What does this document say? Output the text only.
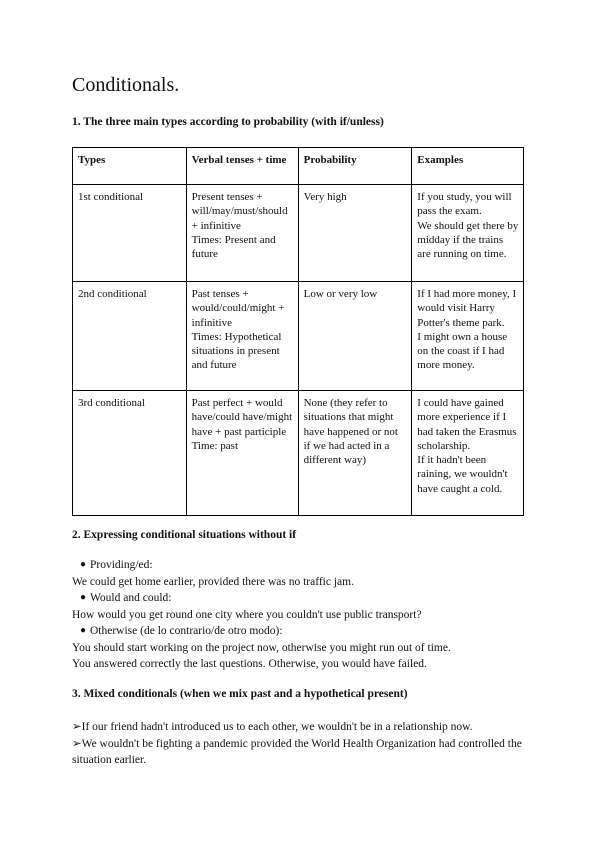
Conditionals.
1. The three main types according to probability (with if/unless)
Types	Verbal tenses + time	Probability	Examples
1st conditional	Present tenses + will/may/must/should + infinitive
Times: Present and future	Very high	If you study, you will pass the exam.
We should get there by midday if the trains are running on time.

2nd conditional	Past tenses + would/could/might + infinitive
Times: Hypothetical situations in present and future	Low or very low	If I had more money, I would visit Harry Potter's theme park.
I might own a house on the coast if I had more money.

3rd conditional	Past perfect + would have/could have/might have + past participle
Time: past	None (they refer to situations that might have happened or not if we had acted in a different way)	I could have gained more experience if I had taken the Erasmus scholarship.
If it hadn't been raining, we wouldn't have caught a cold.
2. Expressing conditional situations without if
● Providing/ed:
We could get home earlier, provided there was no traffic jam.
● Would and could:
How would you get round one city where you couldn't use public transport?
● Otherwise (de lo contrario/de otro modo):
You should start working on the project now, otherwise you might run out of time.
You answered correctly the last questions. Otherwise, you would have failed.
3. Mixed conditionals (when we mix past and a hypothetical present)
➢If our friend hadn't introduced us to each other, we wouldn't be in a relationship now.
➢We wouldn't be fighting a pandemic provided the World Health Organization had controlled the situation earlier.
